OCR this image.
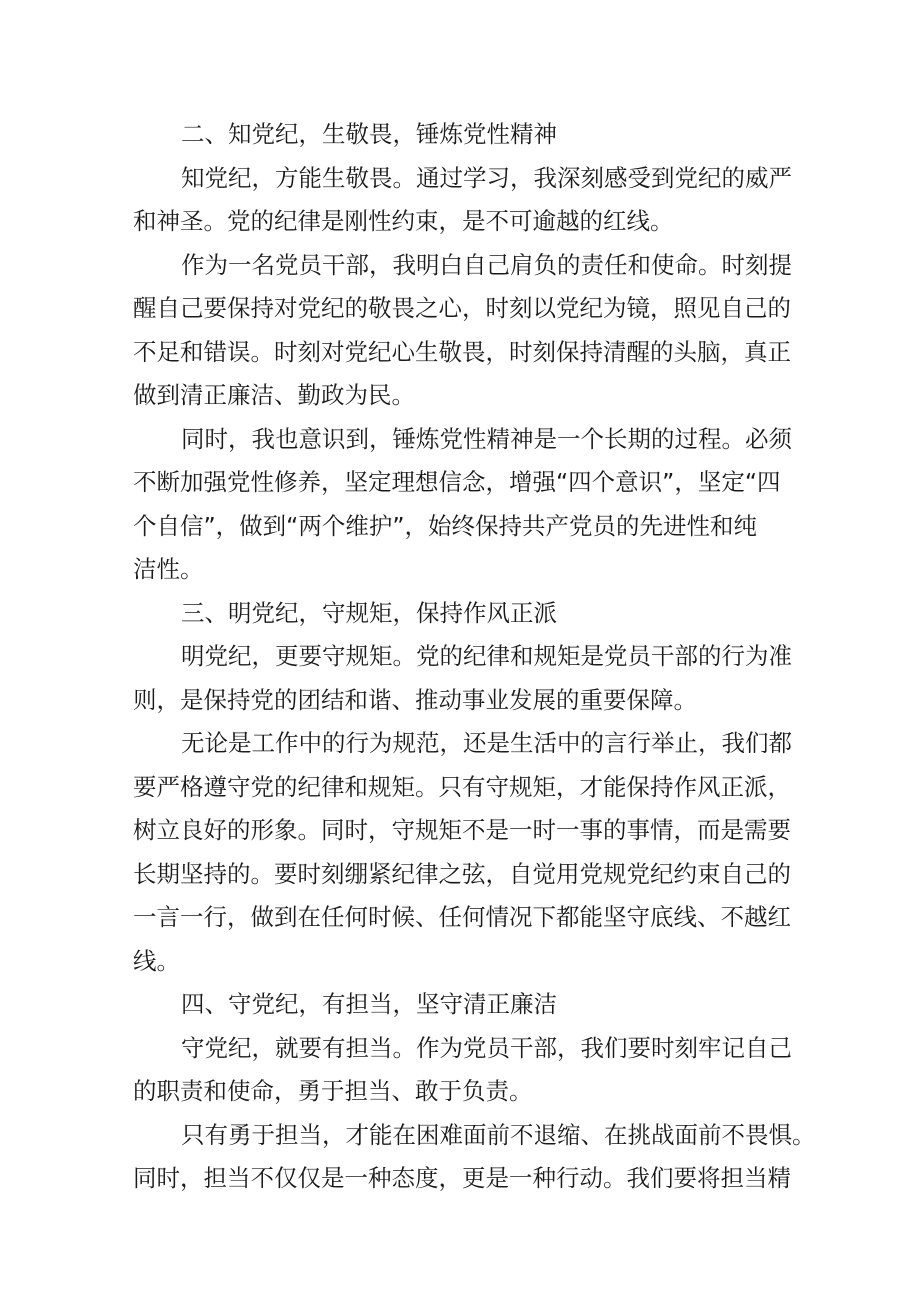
二、知党纪，生敬畏，锤炼党性精神
知党纪，方能生敬畏。通过学习，我深刻感受到党纪的威严
和神圣。党的纪律是刚性约束，是不可逾越的红线。
作为一名党员干部，我明白自己肩负的责任和使命。时刻提
醒自己要保持对党纪的敬畏之心，时刻以党纪为镜，照见自己的
不足和错误。时刻对党纪心生敬畏，时刻保持清醒的头脑，真正
做到清正廉洁、勤政为民。
同时，我也意识到，锤炼党性精神是一个长期的过程。必须
不断加强党性修养，坚定理想信念，增强“四个意识”，坚定“四
个自信”，做到“两个维护”，始终保持共产党员的先进性和纯
洁性。
三、明党纪，守规矩，保持作风正派
明党纪，更要守规矩。党的纪律和规矩是党员干部的行为准
则，是保持党的团结和谐、推动事业发展的重要保障。
无论是工作中的行为规范，还是生活中的言行举止，我们都
要严格遵守党的纪律和规矩。只有守规矩，才能保持作风正派，
树立良好的形象。同时，守规矩不是一时一事的事情，而是需要
长期坚持的。要时刻绷紧纪律之弦，自觉用党规党纪约束自己的
一言一行，做到在任何时候、任何情况下都能坚守底线、不越红
线。
四、守党纪，有担当，坚守清正廉洁
守党纪，就要有担当。作为党员干部，我们要时刻牢记自己
的职责和使命，勇于担当、敢于负责。
只有勇于担当，才能在困难面前不退缩、在挑战面前不畏惧。
同时，担当不仅仅是一种态度，更是一种行动。我们要将担当精
